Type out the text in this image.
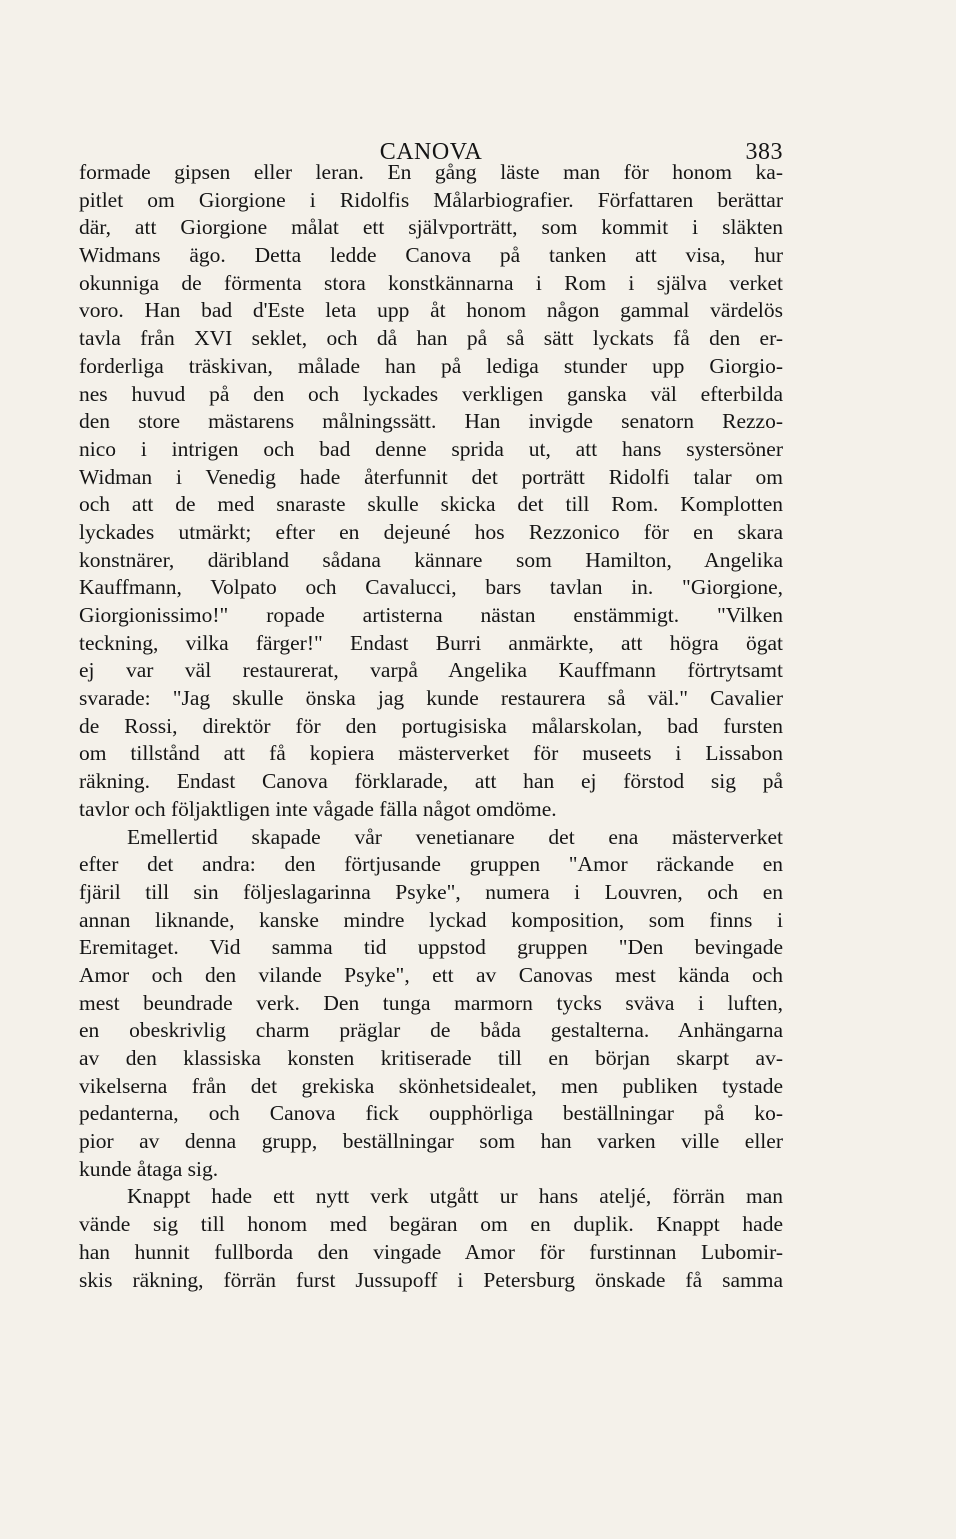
CANOVA	383
formade gipsen eller leran. En gång läste man för honom ka-
pitlet om Giorgione i Ridolfis Målarbiografier. Författaren berättar
där, att Giorgione målat ett självporträtt, som kommit i släkten
Widmans ägo. Detta ledde Canova på tanken att visa, hur
okunniga de förmenta stora konstkännarna i Rom i själva verket
voro. Han bad d'Este leta upp åt honom någon gammal värdelös
tavla från XVI seklet, och då han på så sätt lyckats få den er-
forderliga träskivan, målade han på lediga stunder upp Giorgio-
nes huvud på den och lyckades verkligen ganska väl efterbilda
den store mästarens målningssätt. Han invigde senatorn Rezzo-
nico i intrigen och bad denne sprida ut, att hans systersöner
Widman i Venedig hade återfunnit det porträtt Ridolfi talar om
och att de med snaraste skulle skicka det till Rom. Komplotten
lyckades utmärkt; efter en dejeuné hos Rezzonico för en skara
konstnärer, däribland sådana kännare som Hamilton, Angelika
Kauffmann, Volpato och Cavalucci, bars tavlan in. "Giorgione,
Giorgionissimo!" ropade artisterna nästan enstämmigt. "Vilken
teckning, vilka färger!" Endast Burri anmärkte, att högra ögat
ej var väl restaurerat, varpå Angelika Kauffmann förtrytsamt
svarade: "Jag skulle önska jag kunde restaurera så väl." Cavalier
de Rossi, direktör för den portugisiska målarskolan, bad fursten
om tillstånd att få kopiera mästerverket för museets i Lissabon
räkning. Endast Canova förklarade, att han ej förstod sig på
tavlor och följaktligen inte vågade fälla något omdöme.
Emellertid skapade vår venetianare det ena mästerverket
efter det andra: den förtjusande gruppen "Amor räckande en
fjäril till sin följeslagarinna Psyke", numera i Louvren, och en
annan liknande, kanske mindre lyckad komposition, som finns i
Eremitaget. Vid samma tid uppstod gruppen "Den bevingade
Amor och den vilande Psyke", ett av Canovas mest kända och
mest beundrade verk. Den tunga marmorn tycks sväva i luften,
en obeskrivlig charm präglar de båda gestalterna. Anhängarna
av den klassiska konsten kritiserade till en början skarpt av-
vikelserna från det grekiska skönhetsidealet, men publiken tystade
pedanterna, och Canova fick oupphörliga beställningar på ko-
pior av denna grupp, beställningar som han varken ville eller
kunde åtaga sig.
Knappt hade ett nytt verk utgått ur hans ateljé, förrän man
vände sig till honom med begäran om en duplik. Knappt hade
han hunnit fullborda den vingade Amor för furstinnan Lubomir-
skis räkning, förrän furst Jussupoff i Petersburg önskade få samma
